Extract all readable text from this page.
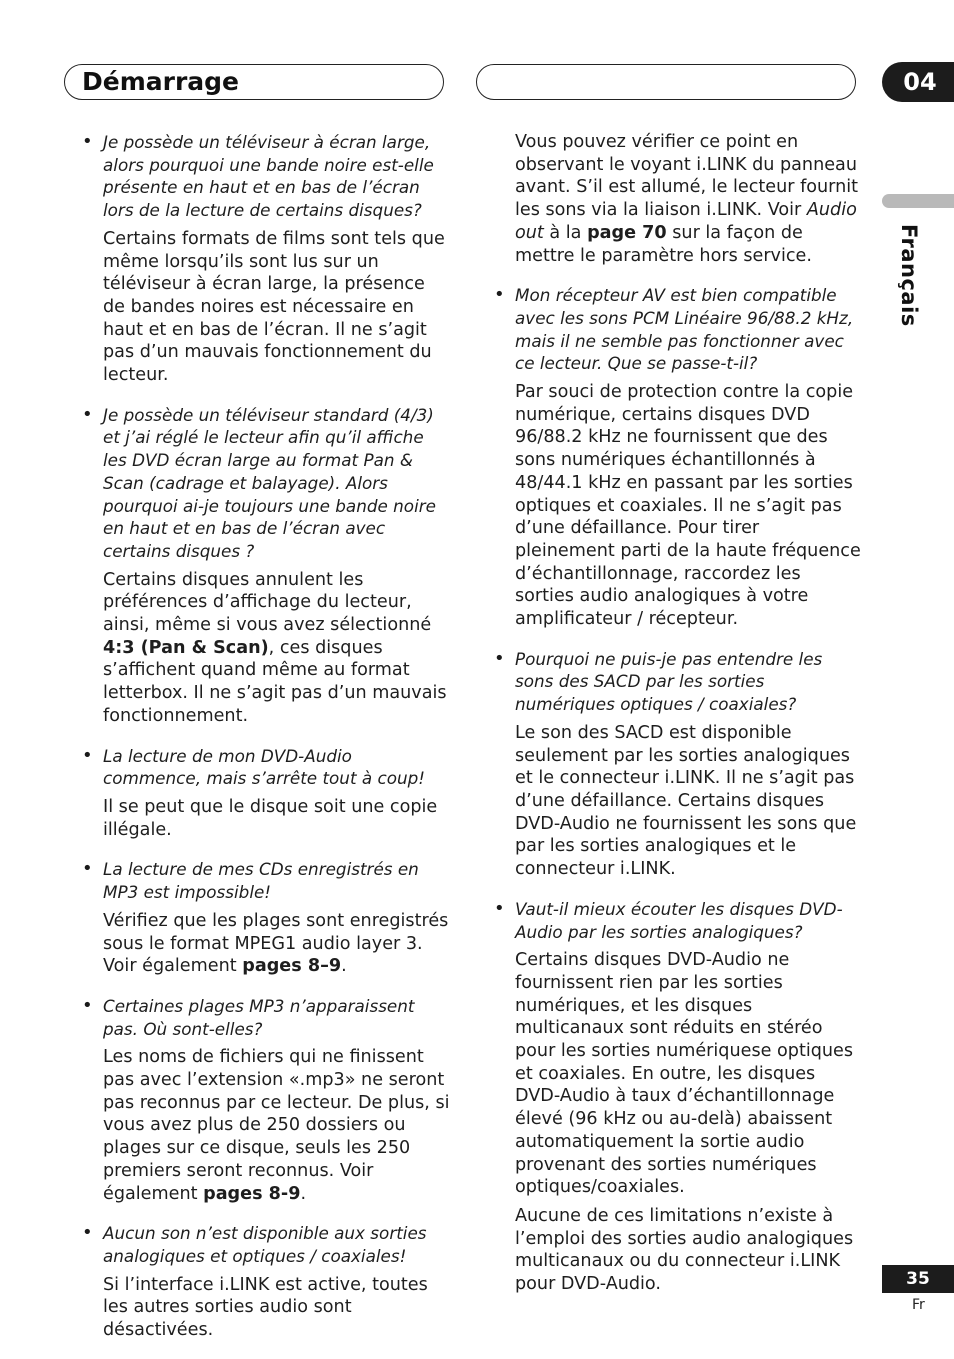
Démarrage	04
Français
• Je possède un téléviseur à écran large, alors pourquoi une bande noire est-elle présente en haut et en bas de l’écran lors de la lecture de certains disques?

Certains formats de films sont tels que même lorsqu’ils sont lus sur un téléviseur à écran large, la présence de bandes noires est nécessaire en haut et en bas de l’écran. Il ne s’agit pas d’un mauvais fonctionnement du lecteur.

• Je possède un téléviseur standard (4/3) et j’ai réglé le lecteur afin qu’il affiche les DVD écran large au format Pan & Scan (cadrage et balayage). Alors pourquoi ai-je toujours une bande noire en haut et en bas de l’écran avec certains disques ?

Certains disques annulent les préférences d’affichage du lecteur, ainsi, même si vous avez sélectionné 4:3 (Pan & Scan), ces disques s’affichent quand même au format letterbox. Il ne s’agit pas d’un mauvais fonctionnement.

• La lecture de mon DVD-Audio commence, mais s’arrête tout à coup!

Il se peut que le disque soit une copie illégale.

• La lecture de mes CDs enregistrés en MP3 est impossible!

Vérifiez que les plages sont enregistrés sous le format MPEG1 audio layer 3. Voir également pages 8–9.

• Certaines plages MP3 n’apparaissent pas. Où sont-elles?

Les noms de fichiers qui ne finissent pas avec l’extension «.mp3» ne seront pas reconnus par ce lecteur. De plus, si vous avez plus de 250 dossiers ou plages sur ce disque, seuls les 250 premiers seront reconnus. Voir également pages 8-9.

• Aucun son n’est disponible aux sorties analogiques et optiques / coaxiales!

Si l’interface i.LINK est active, toutes les autres sorties audio sont désactivées.

Vous pouvez vérifier ce point en observant le voyant i.LINK du panneau avant. S’il est allumé, le lecteur fournit les sons via la liaison i.LINK. Voir Audio out à la page 70 sur la façon de mettre le paramètre hors service.

• Mon récepteur AV est bien compatible avec les sons PCM Linéaire 96/88.2 kHz, mais il ne semble pas fonctionner avec ce lecteur. Que se passe-t-il?

Par souci de protection contre la copie numérique, certains disques DVD 96/88.2 kHz ne fournissent que des sons numériques échantillonnés à 48/44.1 kHz en passant par les sorties optiques et coaxiales. Il ne s’agit pas d’une défaillance. Pour tirer pleinement parti de la haute fréquence d’échantillonnage, raccordez les sorties audio analogiques à votre amplificateur / récepteur.

• Pourquoi ne puis-je pas entendre les sons des SACD par les sorties numériques optiques / coaxiales?

Le son des SACD est disponible seulement par les sorties analogiques et le connecteur i.LINK. Il ne s’agit pas d’une défaillance. Certains disques DVD-Audio ne fournissent les sons que par les sorties analogiques et le connecteur i.LINK.

• Vaut-il mieux écouter les disques DVD-Audio par les sorties analogiques?

Certains disques DVD-Audio ne fournissent rien par les sorties numériques, et les disques multicanaux sont réduits en stéréo pour les sorties numériquese optiques et coaxiales. En outre, les disques DVD-Audio à taux d’échantillonnage élevé (96 kHz ou au-delà) abaissent automatiquement la sortie audio provenant des sorties numériques optiques/coaxiales.

Aucune de ces limitations n’existe à l’emploi des sorties audio analogiques multicanaux ou du connecteur i.LINK pour DVD-Audio.	35
Fr
